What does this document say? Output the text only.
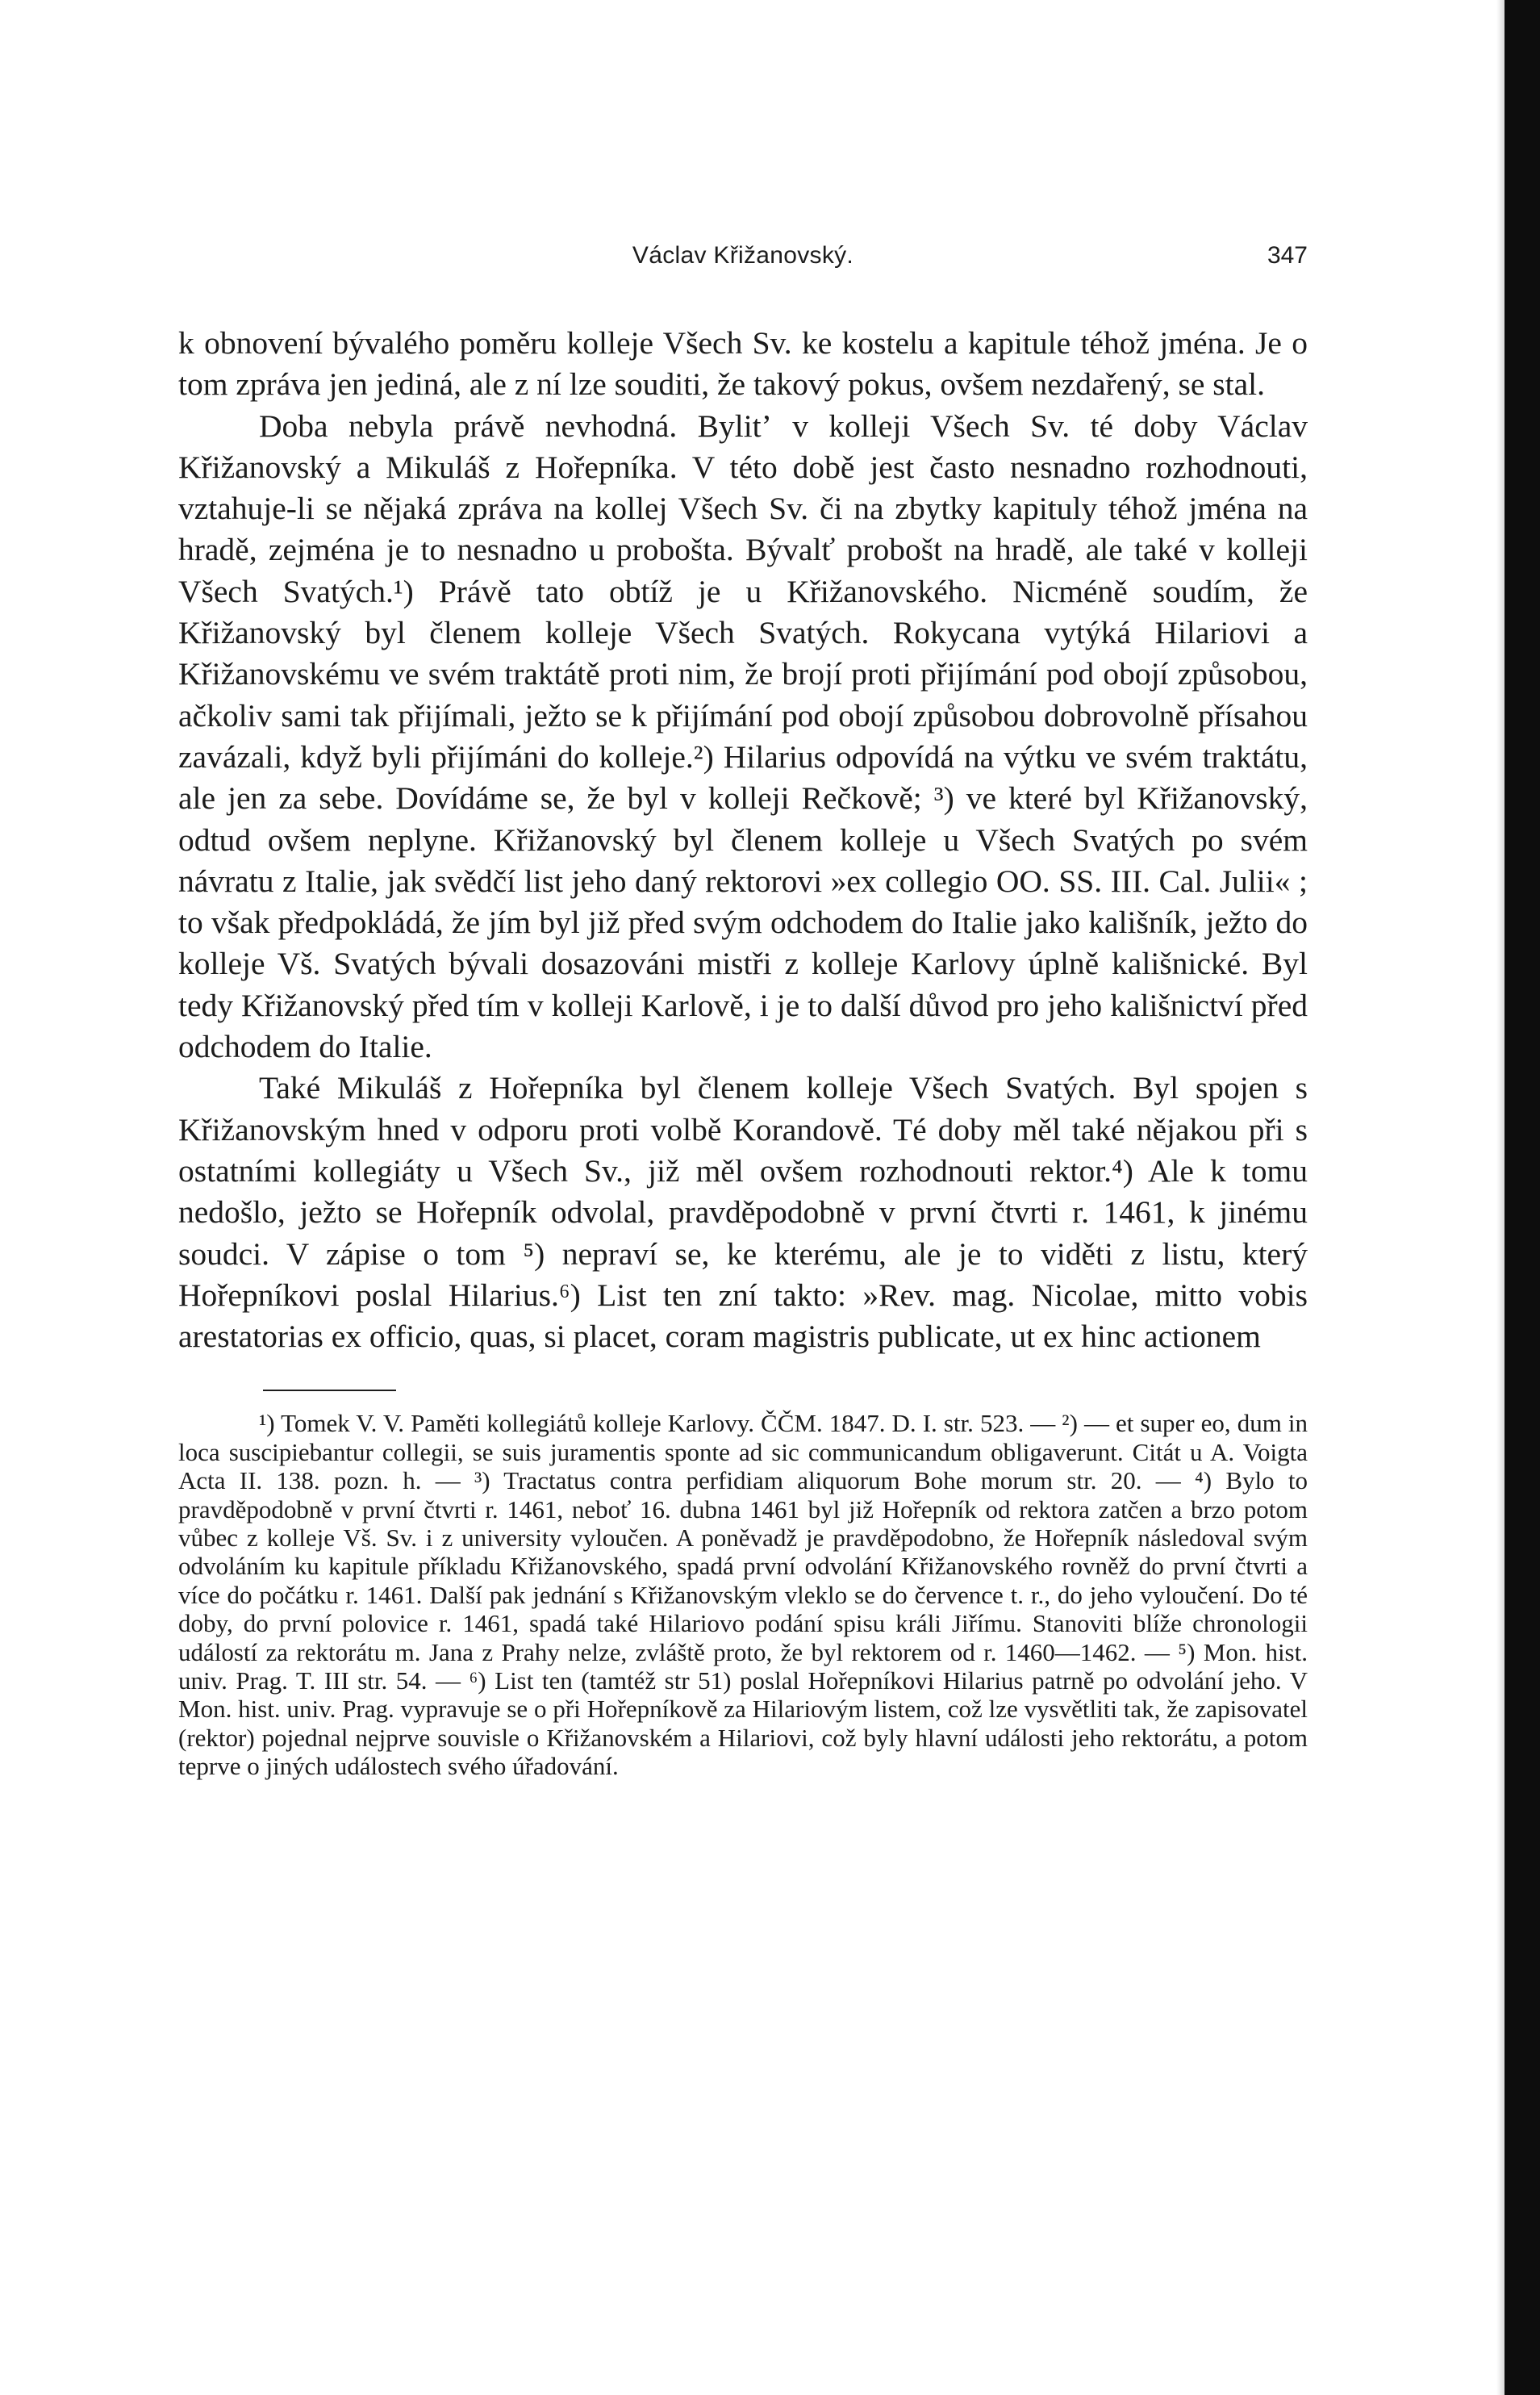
Václav Křižanovský.	347

k obnovení bývalého poměru kolleje Všech Sv. ke kostelu a kapitule téhož jména. Je o tom zpráva jen jediná, ale z ní lze souditi, že takový pokus, ovšem nezdařený, se stal.

Doba nebyla právě nevhodná. Bylitʼ v kolleji Všech Sv. té doby Václav Křižanovský a Mikuláš z Hořepníka. V této době jest často nesnadno rozhodnouti, vztahuje-li se nějaká zpráva na kollej Všech Sv. či na zbytky kapituly téhož jména na hradě, zejména je to nesnadno u probošta. Bývalť probošt na hradě, ale také v kolleji Všech Svatých.¹) Právě tato obtíž je u Křižanovského. Nicméně soudím, že Křižanovský byl členem kolleje Všech Svatých. Rokycana vytýká Hilariovi a Křižanovskému ve svém traktátě proti nim, že brojí proti přijímání pod obojí způsobou, ačkoliv sami tak přijímali, ježto se k přijímání pod obojí způsobou dobrovolně přísahou zavázali, když byli přijímáni do kolleje.²) Hilarius odpovídá na výtku ve svém traktátu, ale jen za sebe. Dovídáme se, že byl v kolleji Rečkově; ³) ve které byl Křižanovský, odtud ovšem neplyne. Křižanovský byl členem kolleje u Všech Svatých po svém návratu z Italie, jak svědčí list jeho daný rektorovi »ex collegio OO. SS. III. Cal. Julii« ; to však předpokládá, že jím byl již před svým odchodem do Italie jako kališník, ježto do kolleje Vš. Svatých bývali dosazováni mistři z kolleje Karlovy úplně kališnické. Byl tedy Křižanovský před tím v kolleji Karlově, i je to další důvod pro jeho kališnictví před odchodem do Italie.

Také Mikuláš z Hořepníka byl členem kolleje Všech Svatých. Byl spojen s Křižanovským hned v odporu proti volbě Korandově. Té doby měl také nějakou při s ostatními kollegiáty u Všech Sv., již měl ovšem rozhodnouti rektor.⁴) Ale k tomu nedošlo, ježto se Hořepník odvolal, pravděpodobně v první čtvrti r. 1461, k jinému soudci. V zápise o tom ⁵) nepraví se, ke kterému, ale je to viděti z listu, který Hořepníkovi poslal Hilarius.⁶) List ten zní takto: »Rev. mag. Nicolae, mitto vobis arestatorias ex officio, quas, si placet, coram magistris publicate, ut ex hinc actionem

¹) Tomek V. V. Paměti kollegiátů kolleje Karlovy. ČČM. 1847. D. I. str. 523. — ²) — et super eo, dum in loca suscipiebantur collegii, se suis juramentis sponte ad sic communicandum obligaverunt. Citát u A. Voigta Acta II. 138. pozn. h. — ³) Tractatus contra perfidiam aliquorum Bohe morum str. 20. — ⁴) Bylo to pravděpodobně v první čtvrti r. 1461, neboť 16. dubna 1461 byl již Hořepník od rektora zatčen a brzo potom vůbec z kolleje Vš. Sv. i z university vyloučen. A poněvadž je pravděpodobno, že Hořepník následoval svým odvoláním ku kapitule příkladu Křižanovského, spadá první odvolání Křižanovského rovněž do první čtvrti a více do počátku r. 1461. Další pak jednání s Křižanovským vleklo se do července t. r., do jeho vyloučení. Do té doby, do první polovice r. 1461, spadá také Hilariovo podání spisu králi Jiřímu. Stanoviti blíže chronologii událostí za rektorátu m. Jana z Prahy nelze, zvláště proto, že byl rektorem od r. 1460—1462. — ⁵) Mon. hist. univ. Prag. T. III str. 54. — ⁶) List ten (tamtéž str 51) poslal Hořepníkovi Hilarius patrně po odvolání jeho. V Mon. hist. univ. Prag. vypravuje se o při Hořepníkově za Hilariovým listem, což lze vysvětliti tak, že zapisovatel (rektor) pojednal nejprve souvisle o Křižanovském a Hilariovi, což byly hlavní události jeho rektorátu, a potom teprve o jiných událostech svého úřadování.
